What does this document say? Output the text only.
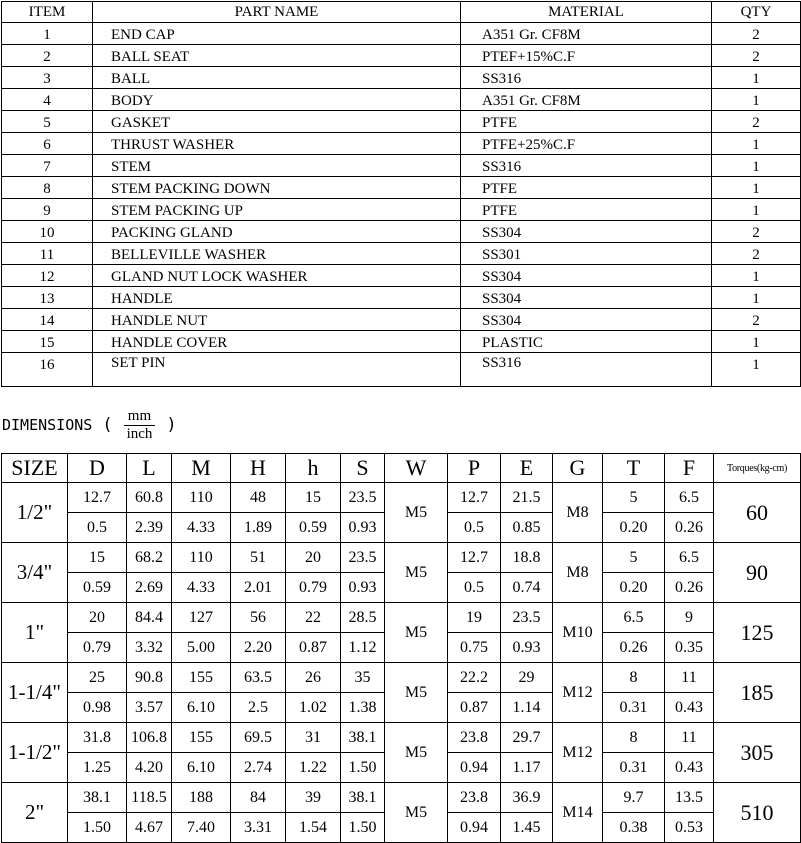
ITEM	PART NAME	MATERIAL	QTY
1	END CAP	A351 Gr. CF8M	2
2	BALL SEAT	PTEF+15%C.F	2
3	BALL	SS316	1
4	BODY	A351 Gr. CF8M	1
5	GASKET	PTFE	2
6	THRUST WASHER	PTFE+25%C.F	1
7	STEM	SS316	1
8	STEM PACKING DOWN	PTFE	1
9	STEM PACKING UP	PTFE	1
10	PACKING GLAND	SS304	2
11	BELLEVILLE WASHER	SS301	2
12	GLAND NUT LOCK WASHER	SS304	1
13	HANDLE	SS304	1
14	HANDLE NUT	SS304	2
15	HANDLE COVER	PLASTIC	1
16	SET PIN	SS316	1
DIMENSIONS ( $\frac{mm}{\text{inch}}$ )
SIZE	D	L	M	H	h	S	W	P	E	G	T	F	Torques(kg-cm)
1/2"	12.7	60.8	110	48	15	23.5	M5	12.7	21.5	M8	5	6.5	60
	0.5	2.39	4.33	1.89	0.59	0.93		0.5	0.85		0.20	0.26	
3/4"	15	68.2	110	51	20	23.5	M5	12.7	18.8	M8	5	6.5	90
	0.59	2.69	4.33	2.01	0.79	0.93		0.5	0.74		0.20	0.26	
1"	20	84.4	127	56	22	28.5	M5	19	23.5	M10	6.5	9	125
	0.79	3.32	5.00	2.20	0.87	1.12		0.75	0.93		0.26	0.35	
1-1/4"	25	90.8	155	63.5	26	35	M5	22.2	29	M12	8	11	185
	0.98	3.57	6.10	2.5	1.02	1.38		0.87	1.14		0.31	0.43	
1-1/2"	31.8	106.8	155	69.5	31	38.1	M5	23.8	29.7	M12	8	11	305
	1.25	4.20	6.10	2.74	1.22	1.50		0.94	1.17		0.31	0.43	
2"	38.1	118.5	188	84	39	38.1	M5	23.8	36.9	M14	9.7	13.5	510
	1.50	4.67	7.40	3.31	1.54	1.50		0.94	1.45		0.38	0.53	
